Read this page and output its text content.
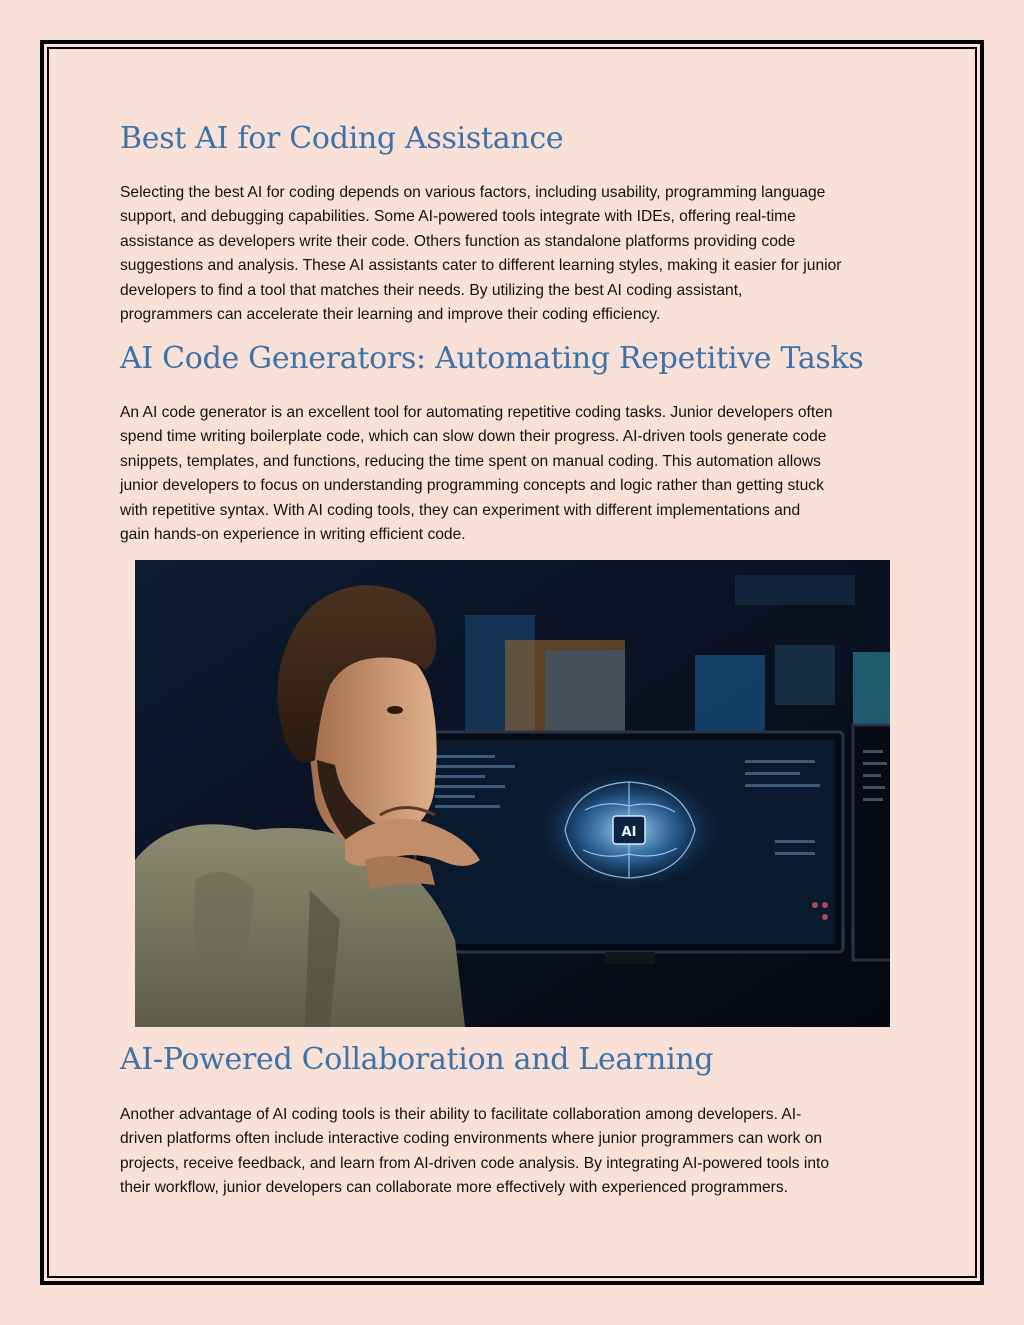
Best AI for Coding Assistance

Selecting the best AI for coding depends on various factors, including usability, programming language
support, and debugging capabilities. Some AI-powered tools integrate with IDEs, offering real-time
assistance as developers write their code. Others function as standalone platforms providing code
suggestions and analysis. These AI assistants cater to different learning styles, making it easier for junior
developers to find a tool that matches their needs. By utilizing the best AI coding assistant,
programmers can accelerate their learning and improve their coding efficiency.

AI Code Generators: Automating Repetitive Tasks

An AI code generator is an excellent tool for automating repetitive coding tasks. Junior developers often
spend time writing boilerplate code, which can slow down their progress. AI-driven tools generate code
snippets, templates, and functions, reducing the time spent on manual coding. This automation allows
junior developers to focus on understanding programming concepts and logic rather than getting stuck
with repetitive syntax. With AI coding tools, they can experiment with different implementations and
gain hands-on experience in writing efficient code.

AI
AI-Powered Collaboration and Learning

Another advantage of AI coding tools is their ability to facilitate collaboration among developers. AI-
driven platforms often include interactive coding environments where junior programmers can work on
projects, receive feedback, and learn from AI-driven code analysis. By integrating AI-powered tools into
their workflow, junior developers can collaborate more effectively with experienced programmers.
